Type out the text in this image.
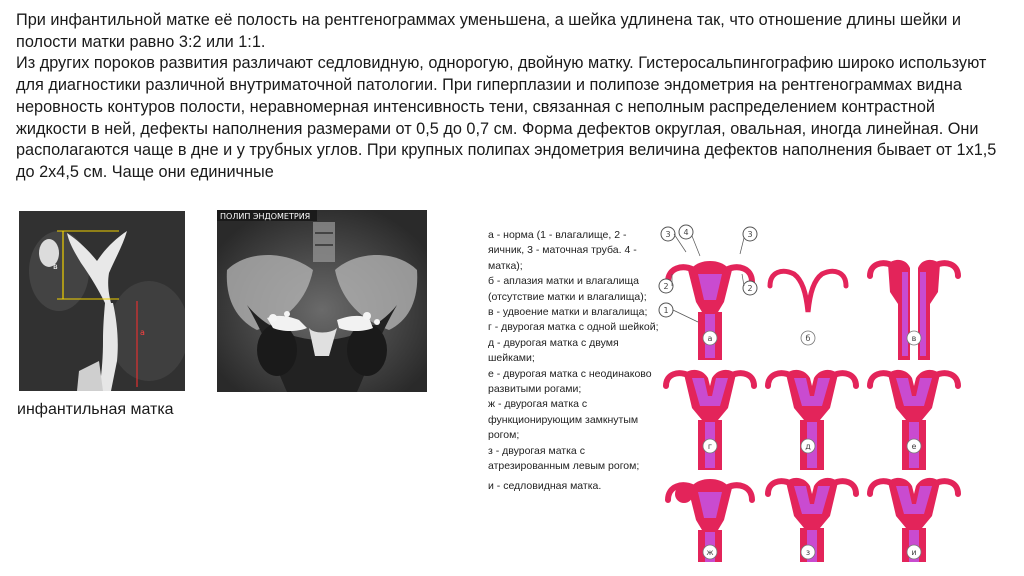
При инфантильной матке её полость на рентгенограммах уменьшена, а шейка удлинена так, что отношение длины шейки и полости матки равно 3:2 или 1:1.

Из других пороков развития различают седловидную, однорогую, двойную матку. Гистеросальпингографию широко используют для диагностики различной внутриматочной патологии. При гиперплазии и полипозе эндометрия на рентгенограммах видна неровность контуров полости, неравномерная интенсивность тени, связанная с неполным распределением контрастной жидкости в ней, дефекты наполнения размерами от 0,5 до 0,7 см. Форма дефектов округлая, овальная, иногда линейная. Они располагаются чаще в дне и у трубных углов. При крупных полипах эндометрия величина дефектов наполнения бывает от 1х1,5 до 2х4,5 см. Чаще они единичные

в
а

инфантильная матка

ПОЛИП ЭНДОМЕТРИЯ
а - норма (1 - влагалище, 2 - яичник, 3 - маточная труба. 4 - матка);
б - аплазия матки и влагалища (отсутствие матки и влагалища);
в - удвоение матки и влагалища;
г - двурогая матка с одной шейкой;
д - двурогая матка с двумя шейками;
е - двурогая матка с неодинаково развитыми рогами;
ж - двурогая матка с функционирующим замкнутым рогом;
з - двурогая матка с атрезированным левым рогом;
и - седловидная матка.
3 4	3
2	2
1
а	б	в
г	д	е
ж	з	и
